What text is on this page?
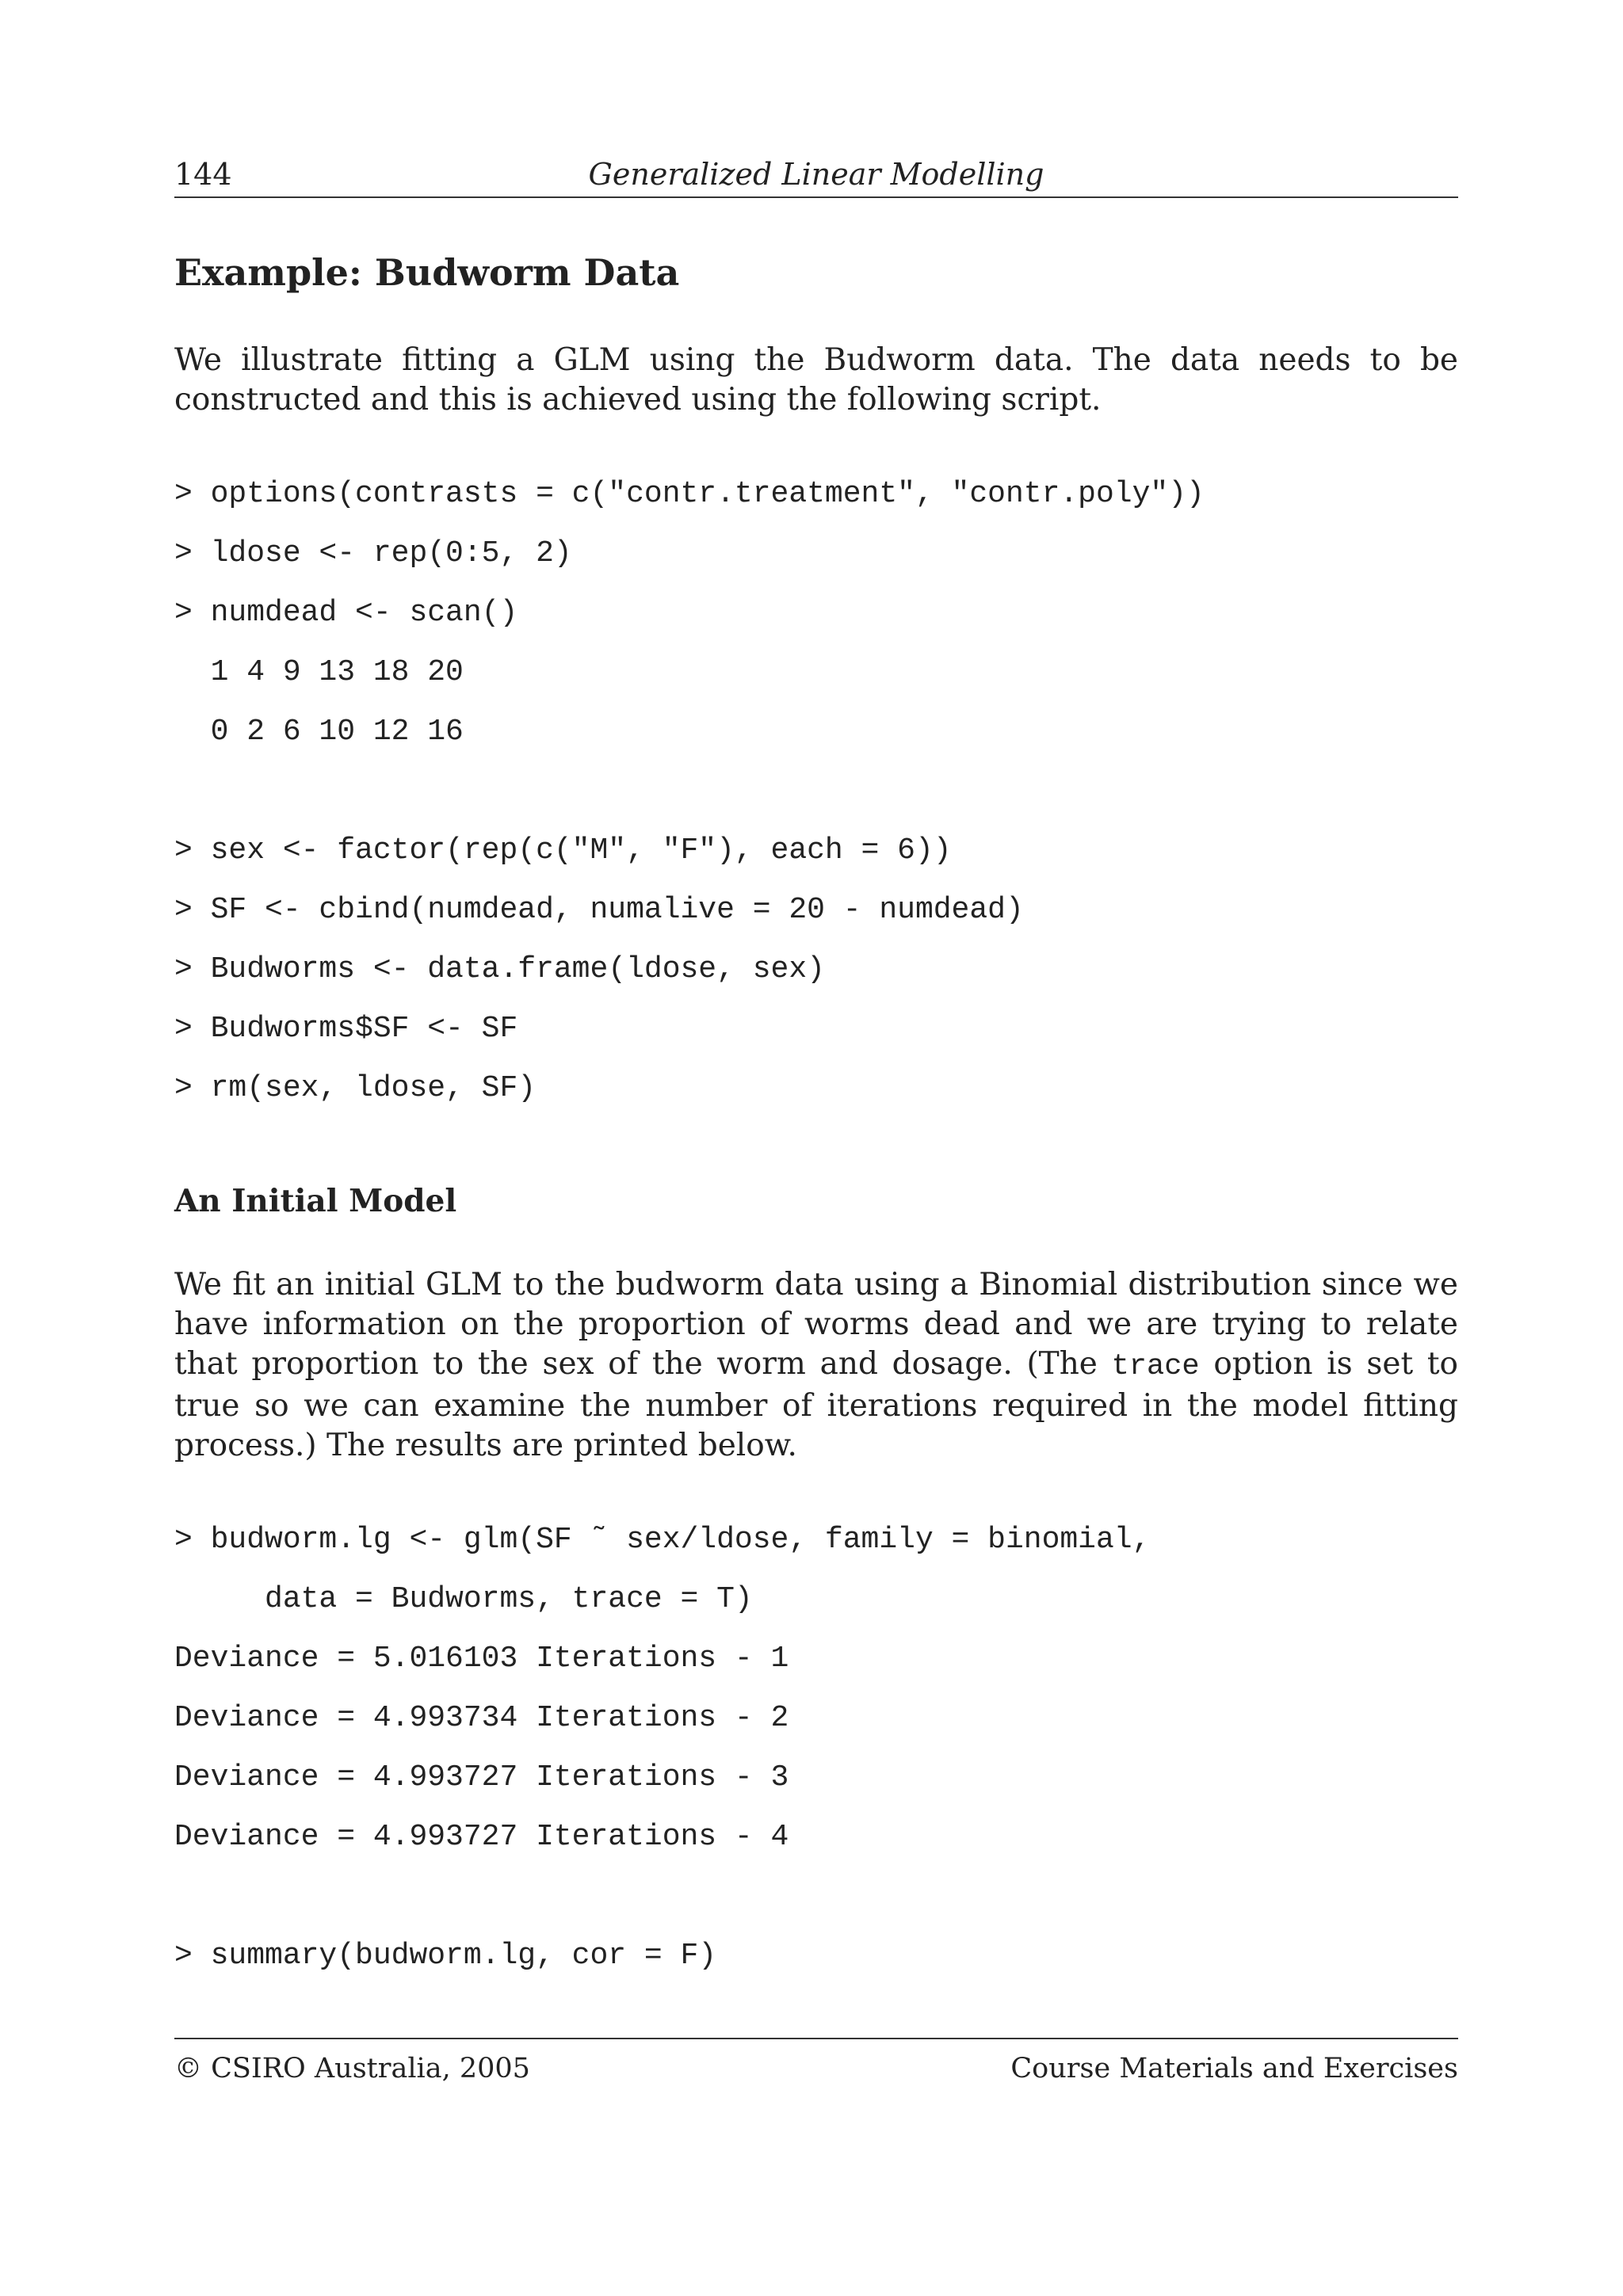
144	Generalized Linear Modelling
Example: Budworm Data

We illustrate fitting a GLM using the Budworm data. The data needs to be constructed and this is achieved using the following script.

> options(contrasts = c("contr.treatment", "contr.poly"))
> ldose <- rep(0:5, 2)
> numdead <- scan()
1 4 9 13 18 20
0 2 6 10 12 16
> sex <- factor(rep(c("M", "F"), each = 6))
> SF <- cbind(numdead, numalive = 20 - numdead)
> Budworms <- data.frame(ldose, sex)
> Budworms$SF <- SF
> rm(sex, ldose, SF)
An Initial Model

We fit an initial GLM to the budworm data using a Binomial distribution since we have information on the proportion of worms dead and we are trying to relate that proportion to the sex of the worm and dosage. (The trace option is set to true so we can examine the number of iterations required in the model fitting process.) The results are printed below.

> budworm.lg <- glm(SF ˜ sex/ldose, family = binomial,
data = Budworms, trace = T)
Deviance = 5.016103 Iterations - 1
Deviance = 4.993734 Iterations - 2
Deviance = 4.993727 Iterations - 3
Deviance = 4.993727 Iterations - 4
> summary(budworm.lg, cor = F)
© CSIRO Australia, 2005	Course Materials and Exercises
